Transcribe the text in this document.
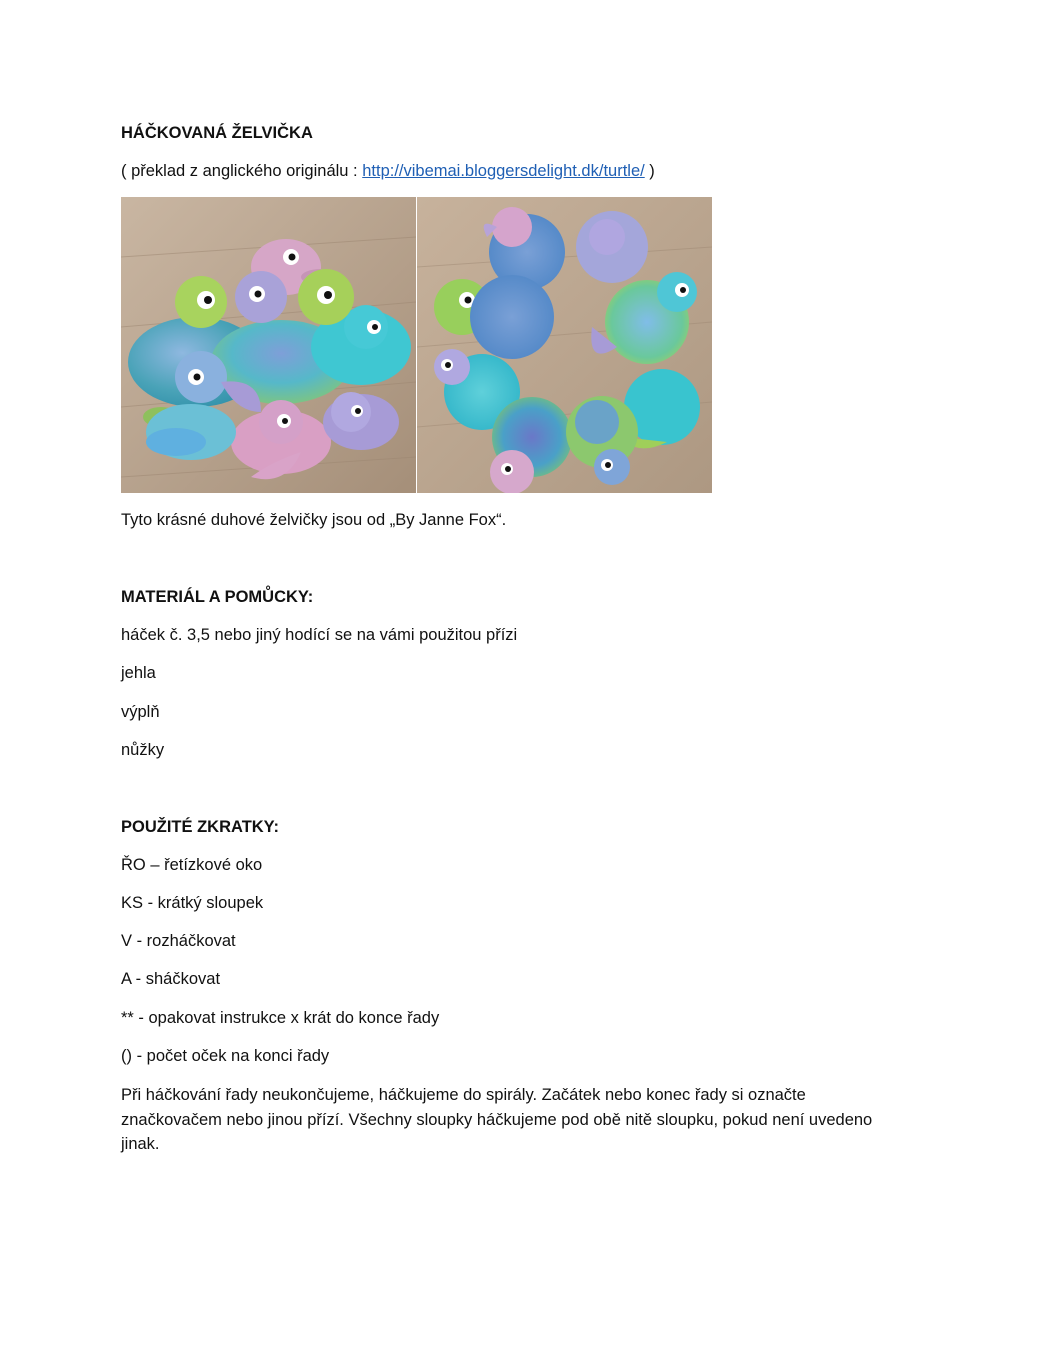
HÁČKOVANÁ ŽELVIČKA
( překlad z anglického originálu : http://vibemai.bloggersdelight.dk/turtle/ )
Tyto krásné duhové želvičky jsou od „By Janne Fox“.
MATERIÁL A POMŮCKY:
háček č. 3,5 nebo jiný hodící se na vámi použitou přízi
jehla
výplň
nůžky
POUŽITÉ ZKRATKY:
ŘO – řetízkové oko
KS - krátký sloupek
V - rozháčkovat
A - sháčkovat
** - opakovat instrukce x krát do konce řady
() - počet oček na konci řady
Při háčkování řady neukončujeme, háčkujeme do spirály. Začátek nebo konec řady si označte značkovačem nebo jinou přízí. Všechny sloupky háčkujeme pod obě nitě sloupku, pokud není uvedeno jinak.
